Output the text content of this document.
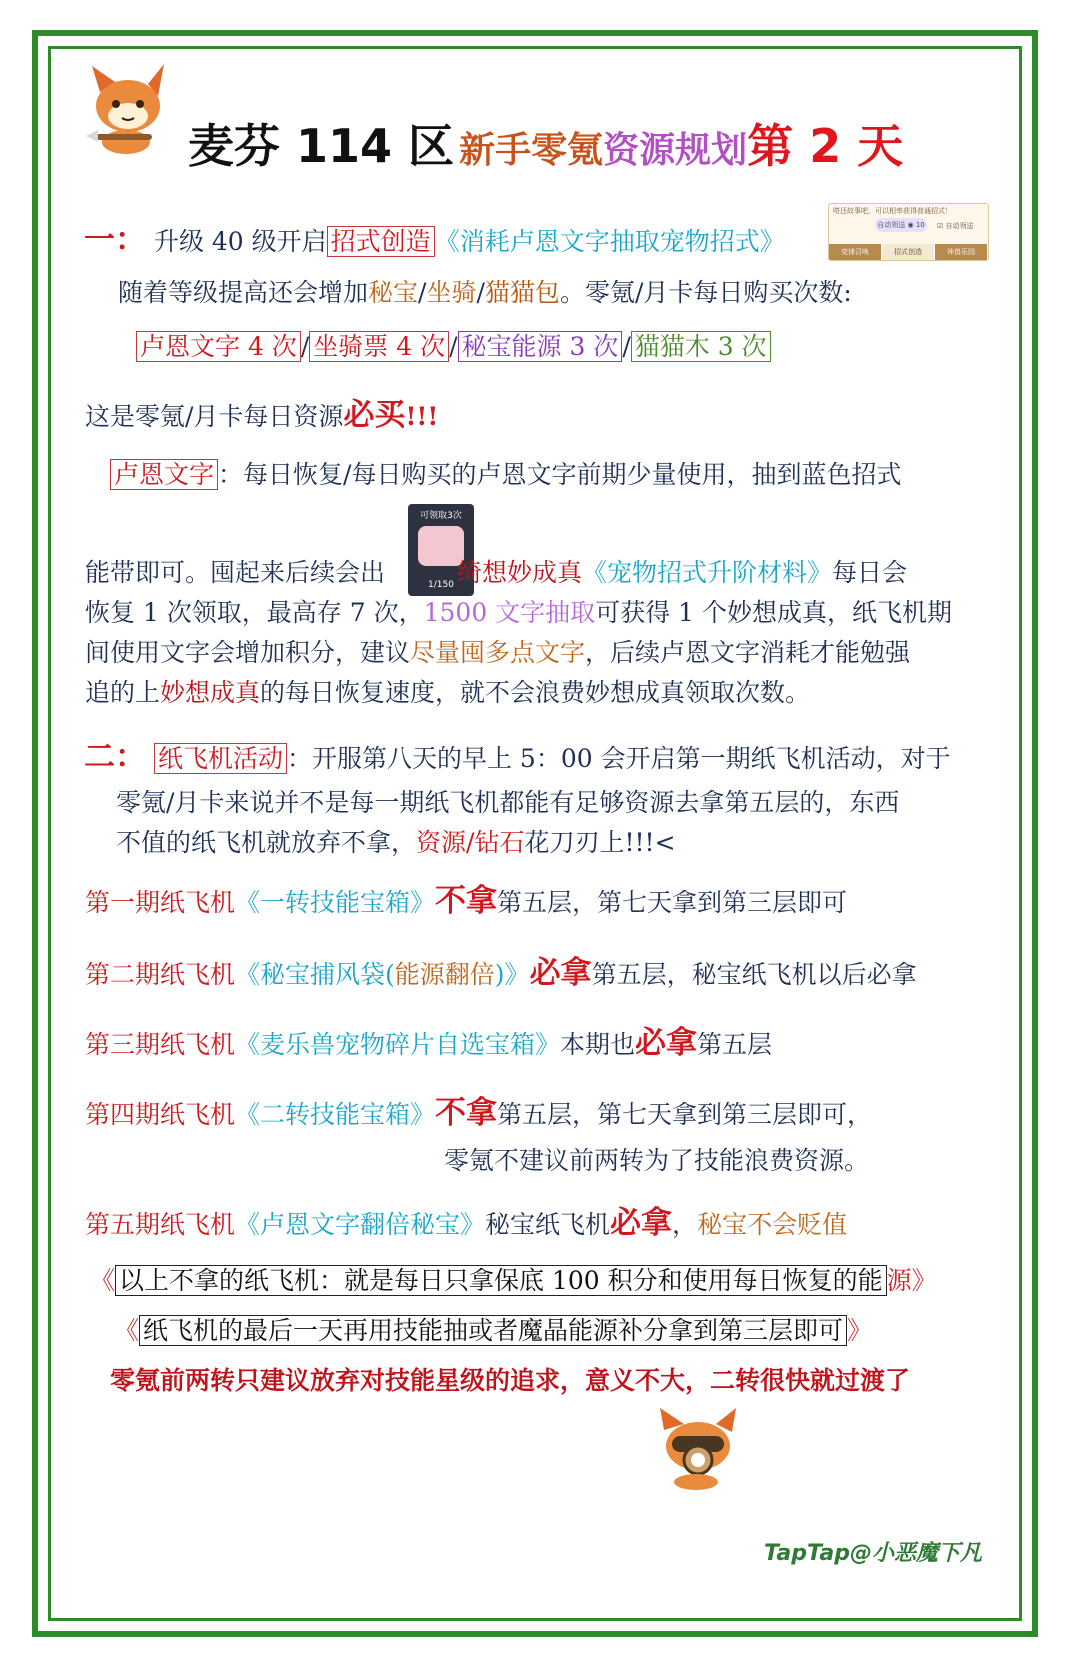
麦芬 114 区 新手零氪资源规划第 2 天
嗒还故事吧，可以相率获得普通招式！
自动领送 ◉ 10	☑ 自动领送
变律召唤	招式创造	神兽乐园
一： 升级 40 级开启 招式创造 《消耗卢恩文字抽取宠物招式》
随着等级提高还会增加秘宝/坐骑/猫猫包。零氪/月卡每日购买次数:
卢恩文字 4 次 / 坐骑票 4 次 / 秘宝能源 3 次 / 猫猫木 3 次
这是零氪/月卡每日资源必买!!!
卢恩文字 ：每日恢复/每日购买的卢恩文字前期少量使用，抽到蓝色招式
可领取3次
1/150
能带即可。囤起来后续会出	绮想妙成真《宠物招式升阶材料》每日会
恢复 1 次领取，最高存 7 次，1500 文字抽取可获得 1 个妙想成真，纸飞机期
间使用文字会增加积分，建议尽量囤多点文字，后续卢恩文字消耗才能勉强
追的上妙想成真的每日恢复速度，就不会浪费妙想成真领取次数。
二： 纸飞机活动 ：开服第八天的早上 5：00 会开启第一期纸飞机活动，对于
零氪/月卡来说并不是每一期纸飞机都能有足够资源去拿第五层的，东西
不值的纸飞机就放弃不拿，资源/钻石花刀刃上!!!<
第一期纸飞机《一转技能宝箱》不拿第五层，第七天拿到第三层即可
第二期纸飞机《秘宝捕风袋(能源翻倍)》必拿第五层，秘宝纸飞机以后必拿
第三期纸飞机《麦乐兽宠物碎片自选宝箱》本期也必拿第五层
第四期纸飞机《二转技能宝箱》不拿第五层，第七天拿到第三层即可，
零氪不建议前两转为了技能浪费资源。
第五期纸飞机《卢恩文字翻倍秘宝》秘宝纸飞机必拿，秘宝不会贬值
《 以上不拿的纸飞机：就是每日只拿保底 100 积分和使用每日恢复的能 源》
《 纸飞机的最后一天再用技能抽或者魔晶能源补分拿到第三层即可 》
零氪前两转只建议放弃对技能星级的追求，意义不大，二转很快就过渡了
TapTap@小恶魔下凡
